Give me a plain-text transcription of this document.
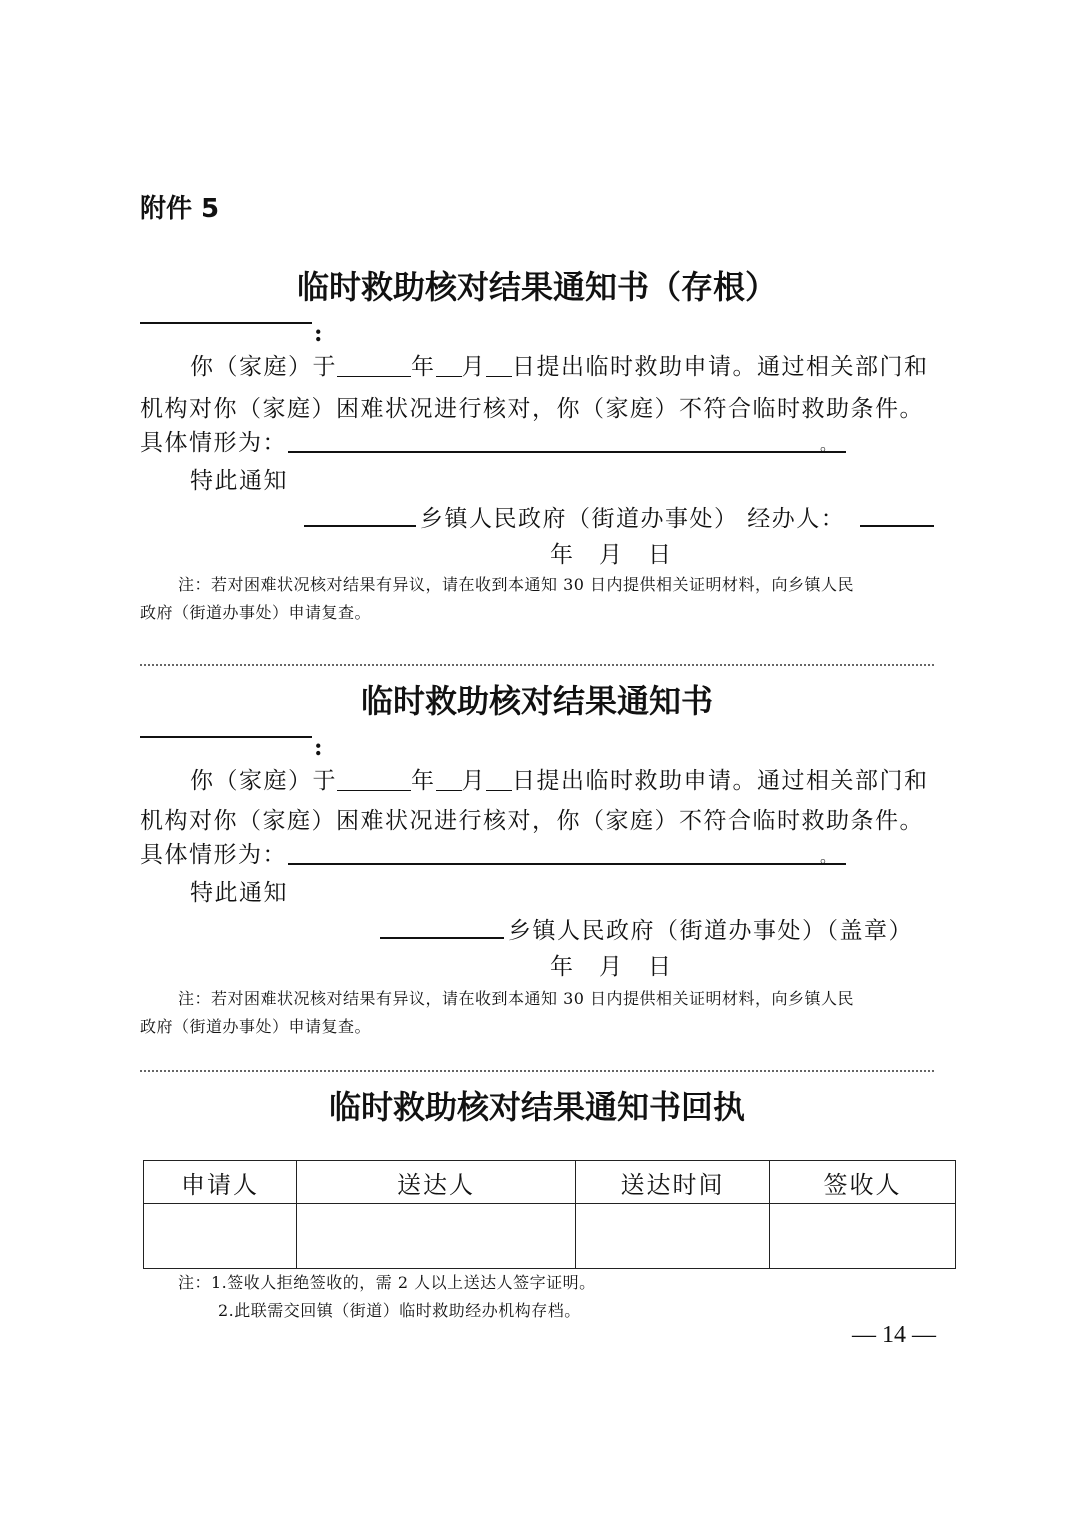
附件 5
临时救助核对结果通知书（存根）
:
你（家庭）于	年 月 日提出临时救助申请。通过相关部门和
机构对你（家庭）困难状况进行核对，你（家庭）不符合临时救助条件。
具体情形为：	。
特此通知
乡镇人民政府（街道办事处） 经办人：
年　月　日
注：若对困难状况核对结果有异议，请在收到本通知 30 日内提供相关证明材料，向乡镇人民
政府（街道办事处）申请复查。
临时救助核对结果通知书
:
你（家庭）于	年 月 日提出临时救助申请。通过相关部门和
机构对你（家庭）困难状况进行核对，你（家庭）不符合临时救助条件。
具体情形为：	。
特此通知
乡镇人民政府（街道办事处）（盖章）
年　月　日
注：若对困难状况核对结果有异议，请在收到本通知 30 日内提供相关证明材料，向乡镇人民
政府（街道办事处）申请复查。
临时救助核对结果通知书回执
申请人	送达人	送达时间	签收人

注：1.签收人拒绝签收的，需 2 人以上送达人签字证明。
2.此联需交回镇（街道）临时救助经办机构存档。
— 14 —
